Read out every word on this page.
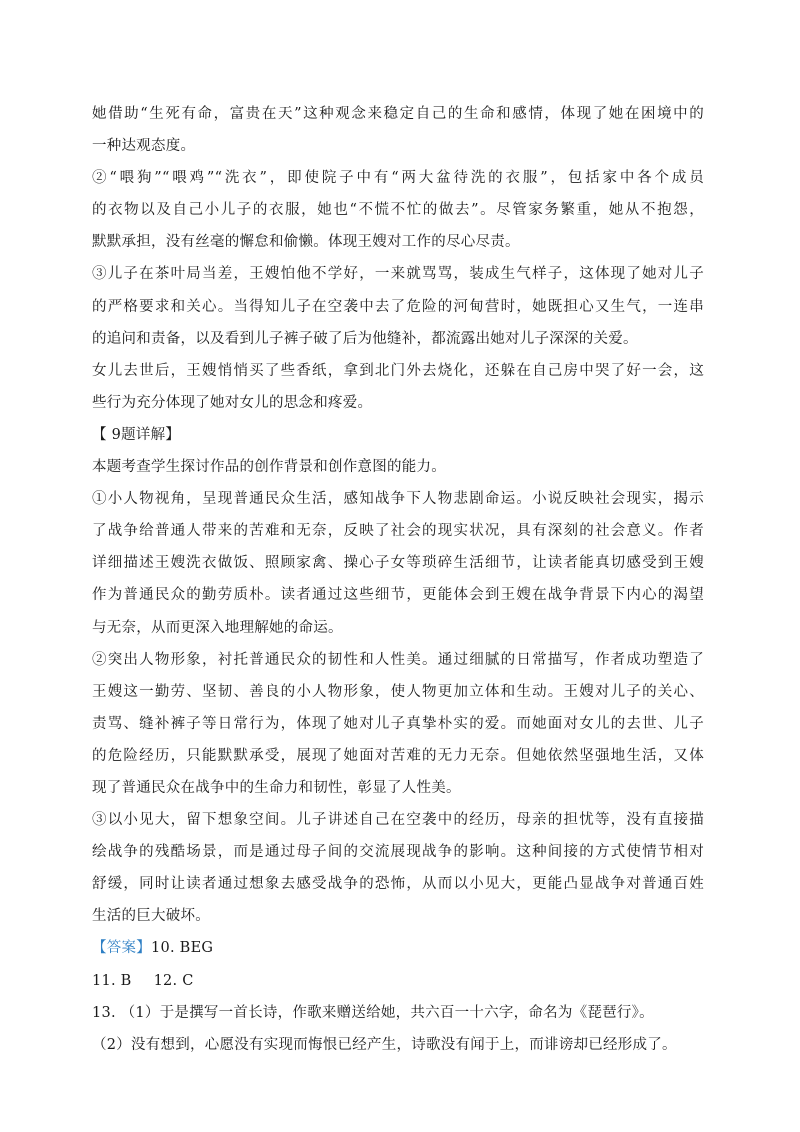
她借助“生死有命，富贵在天”这种观念来稳定自己的生命和感情，体现了她在困境中的
一种达观态度。
②“喂狗”“喂鸡”“洗衣”，即使院子中有“两大盆待洗的衣服”，包括家中各个成员
的衣物以及自己小儿子的衣服，她也“不慌不忙的做去”。尽管家务繁重，她从不抱怨，
默默承担，没有丝毫的懈怠和偷懒。体现王嫂对工作的尽心尽责。
③儿子在茶叶局当差，王嫂怕他不学好，一来就骂骂，装成生气样子，这体现了她对儿子
的严格要求和关心。当得知儿子在空袭中去了危险的河甸营时，她既担心又生气，一连串
的追问和责备，以及看到儿子裤子破了后为他缝补，都流露出她对儿子深深的关爱。
女儿去世后，王嫂悄悄买了些香纸，拿到北门外去烧化，还躲在自己房中哭了好一会，这
些行为充分体现了她对女儿的思念和疼爱。
【 9题详解】
本题考查学生探讨作品的创作背景和创作意图的能力。
①小人物视角，呈现普通民众生活，感知战争下人物悲剧命运。小说反映社会现实，揭示
了战争给普通人带来的苦难和无奈，反映了社会的现实状况，具有深刻的社会意义。作者
详细描述王嫂洗衣做饭、照顾家禽、操心子女等琐碎生活细节，让读者能真切感受到王嫂
作为普通民众的勤劳质朴。读者通过这些细节，更能体会到王嫂在战争背景下内心的渴望
与无奈，从而更深入地理解她的命运。
②突出人物形象，衬托普通民众的韧性和人性美。通过细腻的日常描写，作者成功塑造了
王嫂这一勤劳、坚韧、善良的小人物形象，使人物更加立体和生动。王嫂对儿子的关心、
责骂、缝补裤子等日常行为，体现了她对儿子真挚朴实的爱。而她面对女儿的去世、儿子
的危险经历，只能默默承受，展现了她面对苦难的无力无奈。但她依然坚强地生活，又体
现了普通民众在战争中的生命力和韧性，彰显了人性美。
③以小见大，留下想象空间。儿子讲述自己在空袭中的经历，母亲的担忧等，没有直接描
绘战争的残酷场景，而是通过母子间的交流展现战争的影响。这种间接的方式使情节相对
舒缓，同时让读者通过想象去感受战争的恐怖，从而以小见大，更能凸显战争对普通百姓
生活的巨大破坏。
【答案】10. BEG
11. B 12. C
13. （1）于是撰写一首长诗，作歌来赠送给她，共六百一十六字，命名为《琵琶行》。
（2）没有想到，心愿没有实现而悔恨已经产生，诗歌没有闻于上，而诽谤却已经形成了。
